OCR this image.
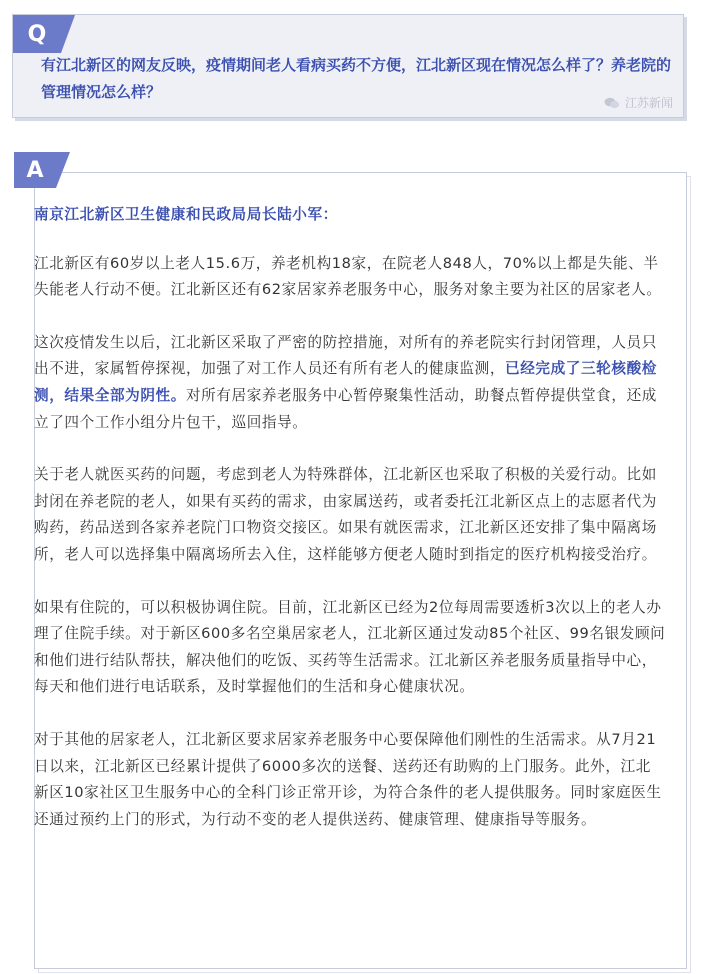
Q
有江北新区的网友反映，疫情期间老人看病买药不方便，江北新区现在情况怎么样了？养老院的管理情况怎么样？
江苏新闻
A

南京江北新区卫生健康和民政局局长陆小军：

江北新区有60岁以上老人15.6万，养老机构18家，在院老人848人，70%以上都是失能、半失能老人行动不便。江北新区还有62家居家养老服务中心，服务对象主要为社区的居家老人。

这次疫情发生以后，江北新区采取了严密的防控措施，对所有的养老院实行封闭管理，人员只出不进，家属暂停探视，加强了对工作人员还有所有老人的健康监测，已经完成了三轮核酸检测，结果全部为阴性。对所有居家养老服务中心暂停聚集性活动，助餐点暂停提供堂食，还成立了四个工作小组分片包干，巡回指导。

关于老人就医买药的问题，考虑到老人为特殊群体，江北新区也采取了积极的关爱行动。比如封闭在养老院的老人，如果有买药的需求，由家属送药，或者委托江北新区点上的志愿者代为购药，药品送到各家养老院门口物资交接区。如果有就医需求，江北新区还安排了集中隔离场所，老人可以选择集中隔离场所去入住，这样能够方便老人随时到指定的医疗机构接受治疗。

如果有住院的，可以积极协调住院。目前，江北新区已经为2位每周需要透析3次以上的老人办理了住院手续。对于新区600多名空巢居家老人，江北新区通过发动85个社区、99名银发顾问和他们进行结队帮扶，解决他们的吃饭、买药等生活需求。江北新区养老服务质量指导中心，每天和他们进行电话联系，及时掌握他们的生活和身心健康状况。

对于其他的居家老人，江北新区要求居家养老服务中心要保障他们刚性的生活需求。从7月21日以来，江北新区已经累计提供了6000多次的送餐、送药还有助购的上门服务。此外，江北新区10家社区卫生服务中心的全科门诊正常开诊，为符合条件的老人提供服务。同时家庭医生还通过预约上门的形式，为行动不变的老人提供送药、健康管理、健康指导等服务。
